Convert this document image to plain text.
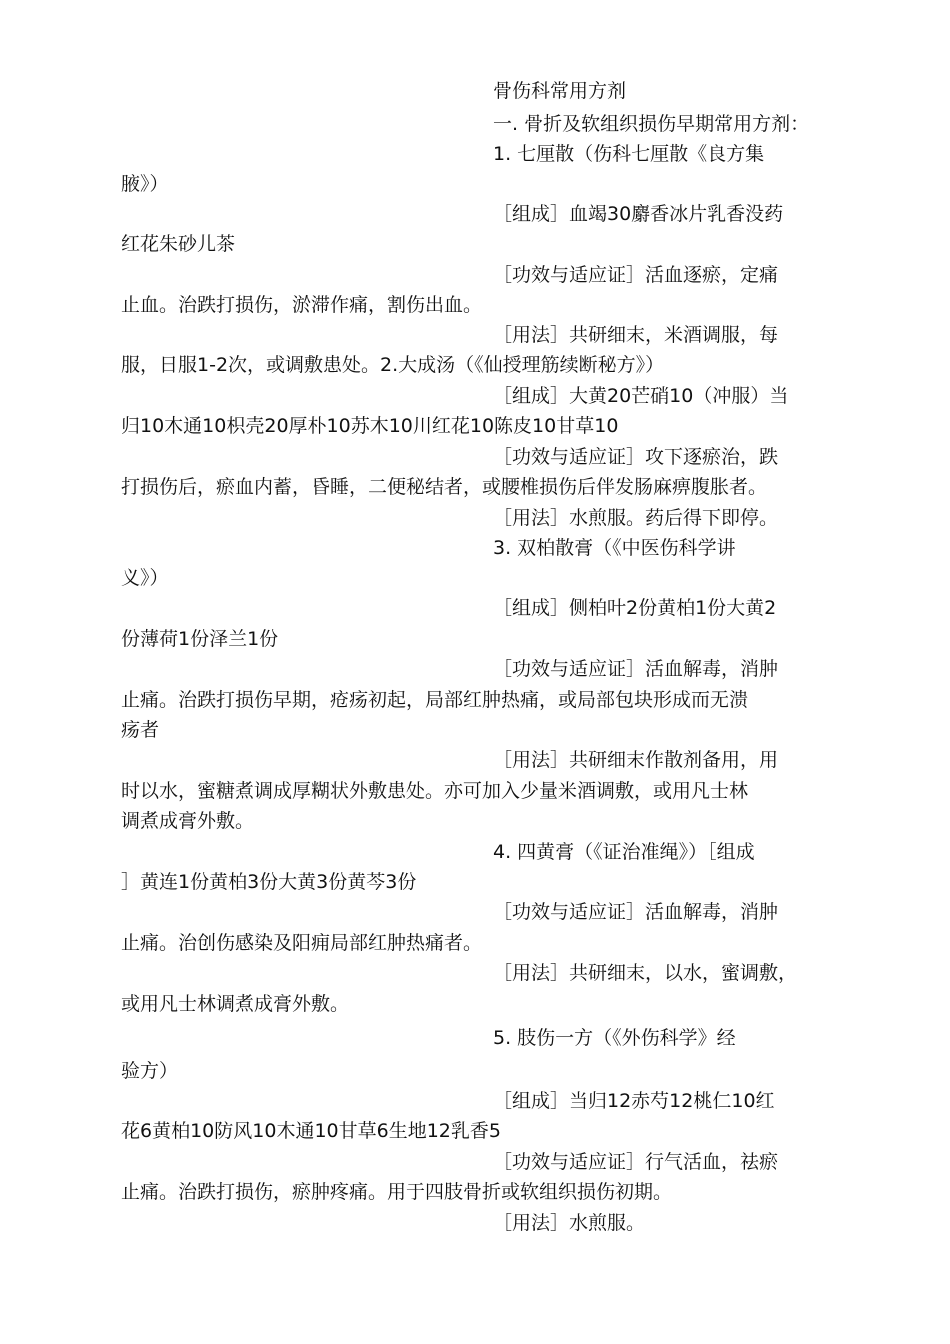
骨伤科常用方剂
一. 骨折及软组织损伤早期常用方剂：
1. 七厘散（伤科七厘散《良方集
腋》）
［组成］血竭30麝香冰片乳香没药
红花朱砂儿茶
［功效与适应证］活血逐瘀，定痛
止血。治跌打损伤，淤滞作痛，割伤出血。
［用法］共研细末，米酒调服，每
服，日服1-2次，或调敷患处。2.大成汤（《仙授理筋续断秘方》）
［组成］大黄20芒硝10（冲服）当
归10木通10枳壳20厚朴10苏木10川红花10陈皮10甘草10
［功效与适应证］攻下逐瘀治，跌
打损伤后，瘀血内蓄，昏睡，二便秘结者，或腰椎损伤后伴发肠麻痹腹胀者。
［用法］水煎服。药后得下即停。
3. 双柏散膏（《中医伤科学讲
义》）
［组成］侧柏叶2份黄柏1份大黄2
份薄荷1份泽兰1份
［功效与适应证］活血解毒，消肿
止痛。治跌打损伤早期，疮疡初起，局部红肿热痛，或局部包块形成而无溃
疡者
［用法］共研细末作散剂备用，用
时以水，蜜糖煮调成厚糊状外敷患处。亦可加入少量米酒调敷，或用凡士林
调煮成膏外敷。
4. 四黄膏（《证治准绳》）［组成
］黄连1份黄柏3份大黄3份黄芩3份
［功效与适应证］活血解毒，消肿
止痛。治创伤感染及阳痈局部红肿热痛者。
［用法］共研细末，以水，蜜调敷，
或用凡士林调煮成膏外敷。
5. 肢伤一方（《外伤科学》经
验方）
［组成］当归12赤芍12桃仁10红
花6黄柏10防风10木通10甘草6生地12乳香5
［功效与适应证］行气活血，祛瘀
止痛。治跌打损伤，瘀肿疼痛。用于四肢骨折或软组织损伤初期。
［用法］水煎服。
